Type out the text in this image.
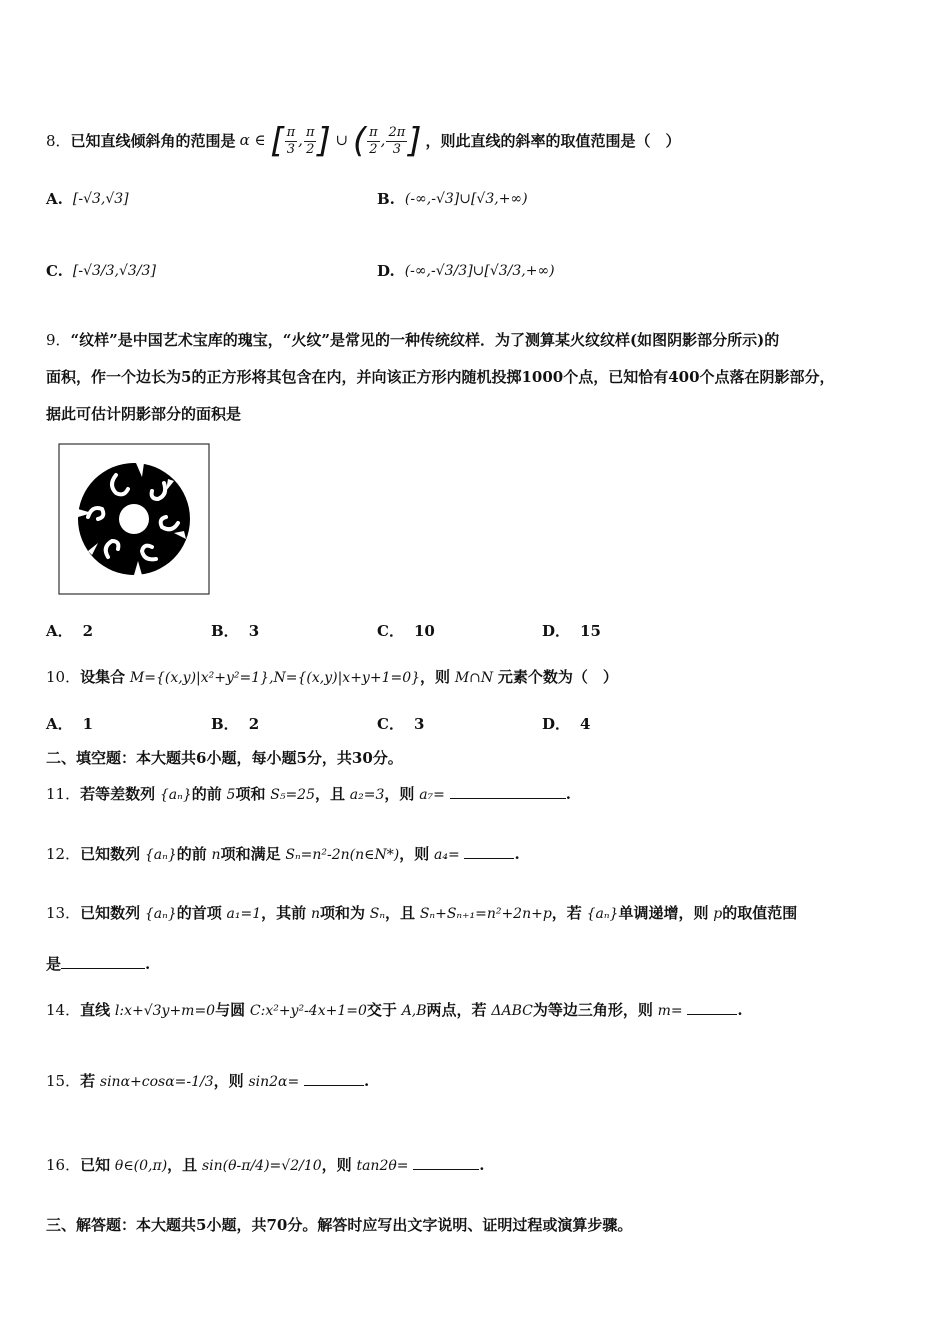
8． 已知直线倾斜角的范围是 α ∈ [ $\frac{\pi}{3}$ , $\frac{\pi}{2}$ ] ∪ ( $\frac{\pi}{2}$ , $\frac{2\pi}{3}$ ] ，则此直线的斜率的取值范围是（　）
A. [-√3,√3]	B. (-∞,-√3]∪[√3,+∞)
C. [-√3/3,√3/3]	D. (-∞,-√3/3]∪[√3/3,+∞)
9．“纹样”是中国艺术宝库的瑰宝，“火纹”是常见的一种传统纹样．为了测算某火纹纹样(如图阴影部分所示)的
面积，作一个边长为5的正方形将其包含在内，并向该正方形内随机投掷1000个点，已知恰有400个点落在阴影部分，
据此可估计阴影部分的面积是
A． 2	B． 3	C． 10	D． 15
10．设集合 M={(x,y)|x²+y²=1},N={(x,y)|x+y+1=0}，则 M∩N 元素个数为（　）
A． 1	B． 2	C． 3	D． 4
二、填空题：本大题共6小题，每小题5分，共30分。
11．若等差数列 {aₙ}的前 5项和 S₅=25，且 a₂=3，则 a₇=	.
12．已知数列 {aₙ}的前 n项和满足 Sₙ=n²-2n(n∈N*)，则 a₄=	.
13．已知数列 {aₙ}的首项 a₁=1，其前 n项和为 Sₙ，且 Sₙ+Sₙ₊₁=n²+2n+p，若 {aₙ}单调递增，则 p的取值范围
是	.
14．直线 l:x+√3y+m=0与圆 C:x²+y²-4x+1=0交于 A,B两点，若 ΔABC为等边三角形，则 m=	.
15．若 sinα+cosα=-1/3，则 sin2α=	.
16．已知 θ∈(0,π)，且 sin(θ-π/4)=√2/10，则 tan2θ=	.
三、解答题：本大题共5小题，共70分。解答时应写出文字说明、证明过程或演算步骤。
